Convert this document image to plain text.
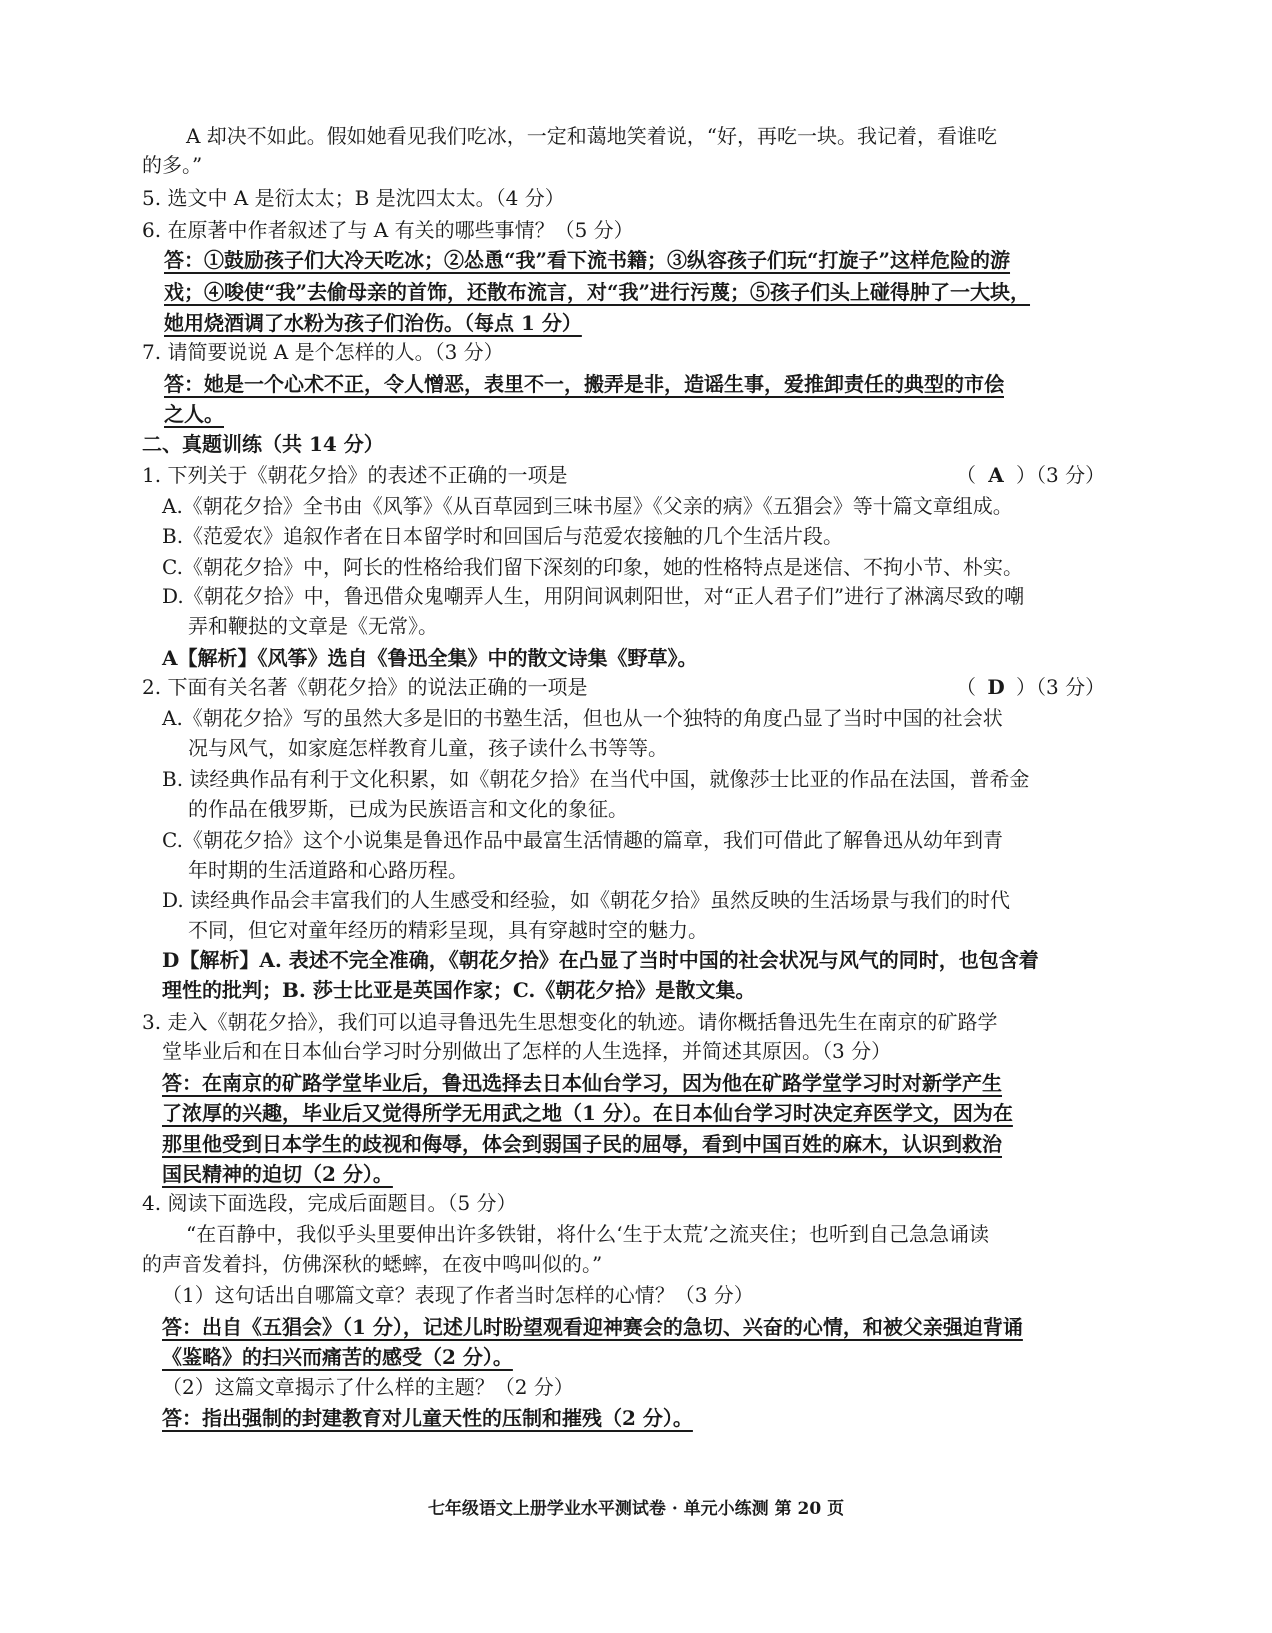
A 却决不如此。假如她看见我们吃冰，一定和蔼地笑着说，“好，再吃一块。我记着，看谁吃
的多。”
5. 选文中 A 是衍太太；B 是沈四太太。（4 分）
6. 在原著中作者叙述了与 A 有关的哪些事情？（5 分）
答：①鼓励孩子们大冷天吃冰；②怂恿“我”看下流书籍；③纵容孩子们玩“打旋子”这样危险的游
戏；④唆使“我”去偷母亲的首饰，还散布流言，对“我”进行污蔑；⑤孩子们头上碰得肿了一大块，
她用烧酒调了水粉为孩子们治伤。（每点 1 分）
7. 请简要说说 A 是个怎样的人。（3 分）
答：她是一个心术不正，令人憎恶，表里不一，搬弄是非，造谣生事，爱推卸责任的典型的市侩
之人。
二、真题训练（共 14 分）
1. 下列关于《朝花夕拾》的表述不正确的一项是	（ A ）（3 分）
A.《朝花夕拾》全书由《风筝》《从百草园到三味书屋》《父亲的病》《五猖会》等十篇文章组成。
B.《范爱农》追叙作者在日本留学时和回国后与范爱农接触的几个生活片段。
C.《朝花夕拾》中，阿长的性格给我们留下深刻的印象，她的性格特点是迷信、不拘小节、朴实。
D.《朝花夕拾》中，鲁迅借众鬼嘲弄人生，用阴间讽刺阳世，对“正人君子们”进行了淋漓尽致的嘲
弄和鞭挞的文章是《无常》。
A【解析】《风筝》选自《鲁迅全集》中的散文诗集《野草》。
2. 下面有关名著《朝花夕拾》的说法正确的一项是	（ D ）（3 分）
A.《朝花夕拾》写的虽然大多是旧的书塾生活，但也从一个独特的角度凸显了当时中国的社会状
况与风气，如家庭怎样教育儿童，孩子读什么书等等。
B. 读经典作品有利于文化积累，如《朝花夕拾》在当代中国，就像莎士比亚的作品在法国，普希金
的作品在俄罗斯，已成为民族语言和文化的象征。
C.《朝花夕拾》这个小说集是鲁迅作品中最富生活情趣的篇章，我们可借此了解鲁迅从幼年到青
年时期的生活道路和心路历程。
D. 读经典作品会丰富我们的人生感受和经验，如《朝花夕拾》虽然反映的生活场景与我们的时代
不同，但它对童年经历的精彩呈现，具有穿越时空的魅力。
D【解析】A. 表述不完全准确，《朝花夕拾》在凸显了当时中国的社会状况与风气的同时，也包含着
理性的批判；B. 莎士比亚是英国作家；C.《朝花夕拾》是散文集。
3. 走入《朝花夕拾》，我们可以追寻鲁迅先生思想变化的轨迹。请你概括鲁迅先生在南京的矿路学
堂毕业后和在日本仙台学习时分别做出了怎样的人生选择，并简述其原因。（3 分）
答：在南京的矿路学堂毕业后，鲁迅选择去日本仙台学习，因为他在矿路学堂学习时对新学产生
了浓厚的兴趣，毕业后又觉得所学无用武之地（1 分）。在日本仙台学习时决定弃医学文，因为在
那里他受到日本学生的歧视和侮辱，体会到弱国子民的屈辱，看到中国百姓的麻木，认识到救治
国民精神的迫切（2 分）。
4. 阅读下面选段，完成后面题目。（5 分）
“在百静中，我似乎头里要伸出许多铁钳，将什么‘生于太荒’之流夹住；也听到自己急急诵读
的声音发着抖，仿佛深秋的蟋蟀，在夜中鸣叫似的。”
（1）这句话出自哪篇文章？表现了作者当时怎样的心情？（3 分）
答：出自《五猖会》（1 分），记述儿时盼望观看迎神赛会的急切、兴奋的心情，和被父亲强迫背诵
《鉴略》的扫兴而痛苦的感受（2 分）。
（2）这篇文章揭示了什么样的主题？（2 分）
答：指出强制的封建教育对儿童天性的压制和摧残（2 分）。
七年级语文上册学业水平测试卷 · 单元小练测 第 20 页
